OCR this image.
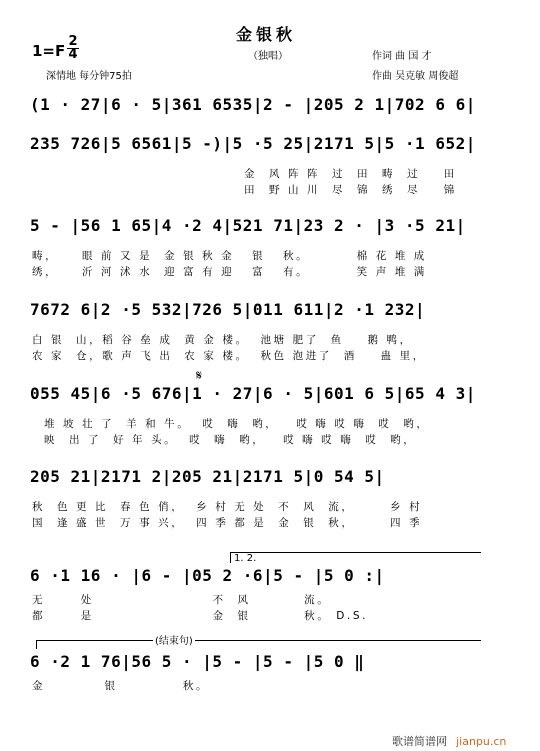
金银秋
（独唱）
1=F
2
4
深情地 每分钟75拍
作词 曲 国 才
作曲 吴克敏 周俊超
(1 · 27|6 · 5|361 6535|2 - |205 2 1|702 6 6|
235 726|5 6561|5 -)|5 ·5 25|2171 5|5 ·1 652|
金  风 阵 阵  过  田  畴  过    田
田  野 山 川  尽  锦  绣  尽    锦
5 - |56 1 65|4 ·2 4|521 71|23 2 · |3 ·5 21|
畴，    眼 前 又 是  金 银 秋 金   银   秋。        棉 花 堆 成
绣，    沂 河 沭 水  迎 富 有 迎   富   有。        笑 声 堆 满
7672 6|2 ·5 532|726 5|011 611|2 ·1 232|
白 银  山，稻 谷 垒 成  黄 金 楼。  池塘 肥了  鱼    鹅 鸭，
农 家  仓，歌 声 飞 出  农 家 楼。  秋色 泡进了  酒    蛊 里，
𝄋
055 45|6 ·5 676|1 · 27|6 · 5|601 6 5|65 4 3|
堆 坡 壮 了  羊 和 牛。  哎  嗨  哟，   哎 嗨 哎 嗨  哎  哟，
映  出 了  好 年 头。  哎  嗨  哟，   哎 嗨 哎 嗨  哎  哟，
205 21|2171 2|205 21|2171 5|0 54 5|
秋  色 更 比  春 色 俏，  乡 村 无 处  不  风  流，      乡 村
国  逢 盛 世  万 事 兴，  四 季 都 是  金  银  秋，      四 季
1. 2.
6 ·1 16 · |6 - |05 2 ·6|5 - |5 0 :|
无      处                    不  风         流。
都      是                    金  银         秋。 D.S.
(结束句)
6 ·2 1 76|56 5 · |5 - |5 - |5 0 ‖
金          银           秋。
歌谱简谱网 jianpu.cn
